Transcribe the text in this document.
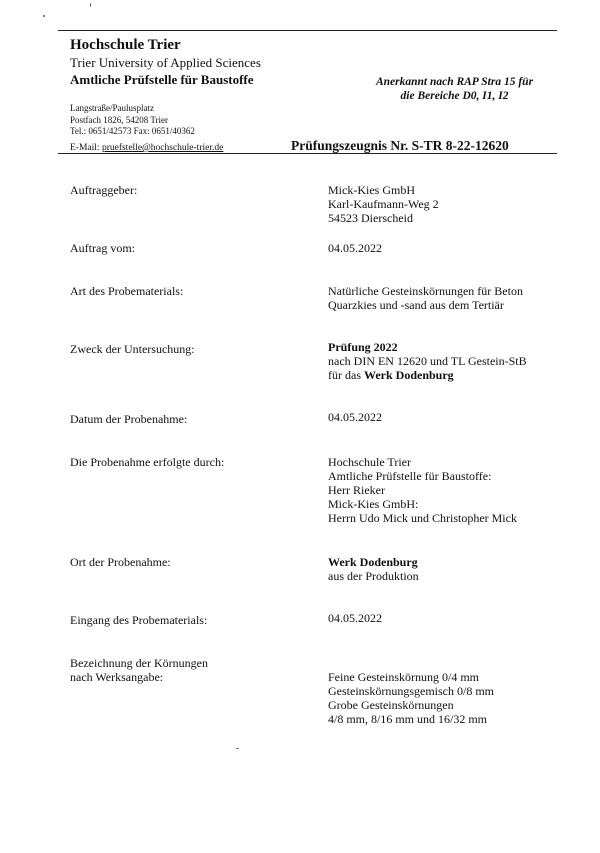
Hochschule Trier
Trier University of Applied Sciences
Amtliche Prüfstelle für Baustoffe	Anerkannt nach RAP Stra 15 für
die Bereiche D0, I1, I2
Langstraße/Paulusplatz
Postfach 1826, 54208 Trier
Tel.: 0651/42573 Fax: 0651/40362
E-Mail: pruefstelle@hochschule-trier.de	Prüfungszeugnis Nr. S-TR 8-22-12620
Auftraggeber:	Mick-Kies GmbH
Karl-Kaufmann-Weg 2
54523 Dierscheid
Auftrag vom:	04.05.2022
Art des Probematerials:	Natürliche Gesteinskörnungen für Beton
Quarzkies und -sand aus dem Tertiär
Zweck der Untersuchung:	Prüfung 2022
nach DIN EN 12620 und TL Gestein-StB
für das Werk Dodenburg
Datum der Probenahme:	04.05.2022
Die Probenahme erfolgte durch:	Hochschule Trier
Amtliche Prüfstelle für Baustoffe:
Herr Rieker
Mick-Kies GmbH:
Herrn Udo Mick und Christopher Mick
Ort der Probenahme:	Werk Dodenburg
aus der Produktion
Eingang des Probematerials:	04.05.2022
Bezeichnung der Körnungen
nach Werksangabe:	Feine Gesteinskörnung 0/4 mm
Gesteinskörnungsgemisch 0/8 mm
Grobe Gesteinskörnungen
4/8 mm, 8/16 mm und 16/32 mm
